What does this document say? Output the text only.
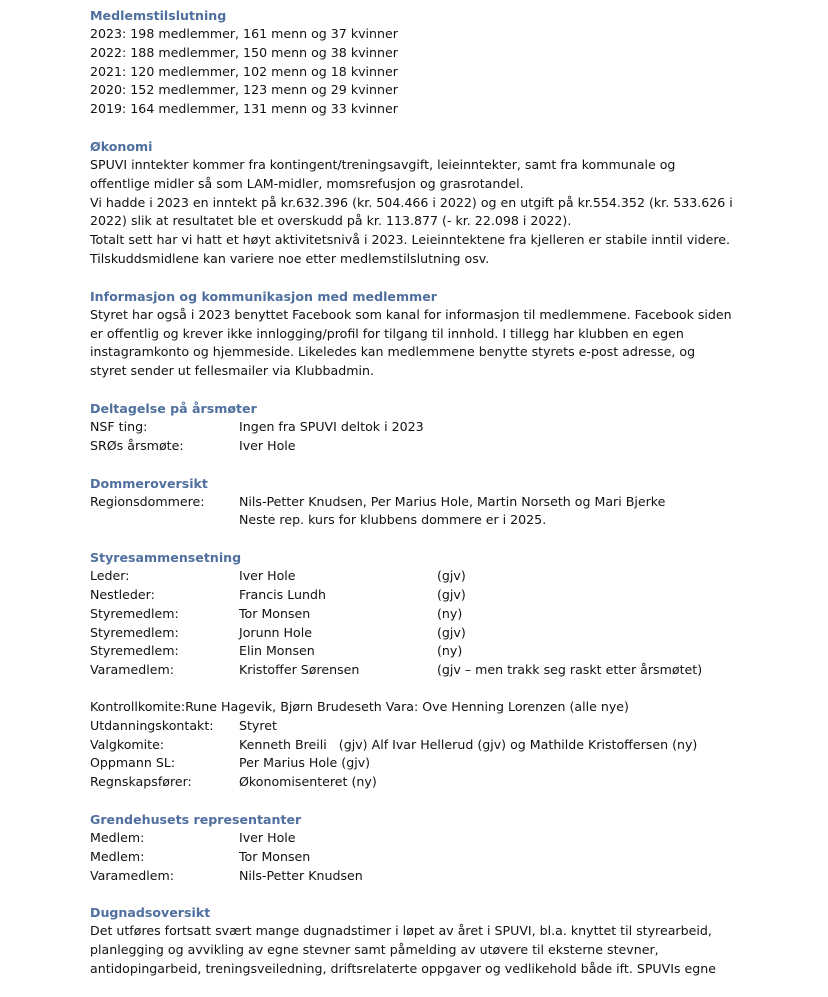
Medlemstilslutning
2023: 198 medlemmer, 161 menn og 37 kvinner
2022: 188 medlemmer, 150 menn og 38 kvinner
2021: 120 medlemmer, 102 menn og 18 kvinner
2020: 152 medlemmer, 123 menn og 29 kvinner
2019: 164 medlemmer, 131 menn og 33 kvinner
Økonomi
SPUVI inntekter kommer fra kontingent/treningsavgift, leieinntekter, samt fra kommunale og
offentlige midler så som LAM-midler, momsrefusjon og grasrotandel.
Vi hadde i 2023 en inntekt på kr.632.396 (kr. 504.466 i 2022) og en utgift på kr.554.352 (kr. 533.626 i
2022) slik at resultatet ble et overskudd på kr. 113.877 (- kr. 22.098 i 2022).
Totalt sett har vi hatt et høyt aktivitetsnivå i 2023. Leieinntektene fra kjelleren er stabile inntil videre.
Tilskuddsmidlene kan variere noe etter medlemstilslutning osv.
Informasjon og kommunikasjon med medlemmer
Styret har også i 2023 benyttet Facebook som kanal for informasjon til medlemmene. Facebook siden
er offentlig og krever ikke innlogging/profil for tilgang til innhold. I tillegg har klubben en egen
instagramkonto og hjemmeside. Likeledes kan medlemmene benytte styrets e-post adresse, og
styret sender ut fellesmailer via Klubbadmin.
Deltagelse på årsmøter
NSF ting:	Ingen fra SPUVI deltok i 2023
SRØs årsmøte:	Iver Hole
Dommeroversikt
Regionsdommere:	Nils-Petter Knudsen, Per Marius Hole, Martin Norseth og Mari Bjerke
Neste rep. kurs for klubbens dommere er i 2025.
Styresammensetning
Leder:	Iver Hole	(gjv)
Nestleder:	Francis Lundh	(gjv)
Styremedlem:	Tor Monsen	(ny)
Styremedlem:	Jorunn Hole	(gjv)
Styremedlem:	Elin Monsen	(ny)
Varamedlem:	Kristoffer Sørensen	(gjv – men trakk seg raskt etter årsmøtet)
Kontrollkomite: Rune Hagevik, Bjørn Brudeseth Vara: Ove Henning Lorenzen (alle nye)
Utdanningskontakt:	Styret
Valgkomite:	Kenneth Breili   (gjv) Alf Ivar Hellerud (gjv) og Mathilde Kristoffersen (ny)
Oppmann SL:	Per Marius Hole (gjv)
Regnskapsfører:	Økonomisenteret (ny)
Grendehusets representanter
Medlem:	Iver Hole
Medlem:	Tor Monsen
Varamedlem:	Nils-Petter Knudsen
Dugnadsoversikt
Det utføres fortsatt svært mange dugnadstimer i løpet av året i SPUVI, bl.a. knyttet til styrearbeid,
planlegging og avvikling av egne stevner samt påmelding av utøvere til eksterne stevner,
antidopingarbeid, treningsveiledning, driftsrelaterte oppgaver og vedlikehold både ift. SPUVIs egne
